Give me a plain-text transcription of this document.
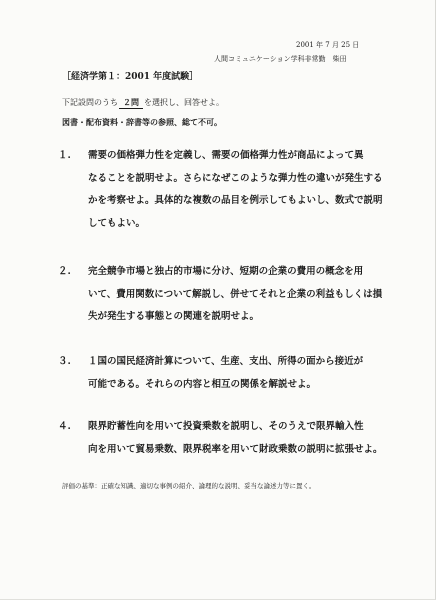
2001 年 7 月 25 日
人間コミュニケーション学科非常勤　柴田
［経済学第１：2001 年度試験］
下記設問のうち ２問 を選択し、回答せよ。
図書・配布資料・辞書等の参照、総て不可。
１.	需要の価格弾力性を定義し、需要の価格弾力性が商品によって異
なることを説明せよ。さらになぜこのような弾力性の違いが発生する
かを考察せよ。具体的な複数の品目を例示してもよいし、数式で説明
してもよい。
２.	完全競争市場と独占的市場に分け、短期の企業の費用の概念を用
いて、費用関数について解説し、併せてそれと企業の利益もしくは損
失が発生する事態との関連を説明せよ。
３.	１国の国民経済計算について、生産、支出、所得の面から接近が
可能である。それらの内容と相互の関係を解説せよ。
４.	限界貯蓄性向を用いて投資乗数を説明し、そのうえで限界輸入性
向を用いて貿易乗数、限界税率を用いて財政乗数の説明に拡張せよ。
評価の基準：正確な知識、適切な事例の紹介、論理的な説明、妥当な論述力等に置く。
